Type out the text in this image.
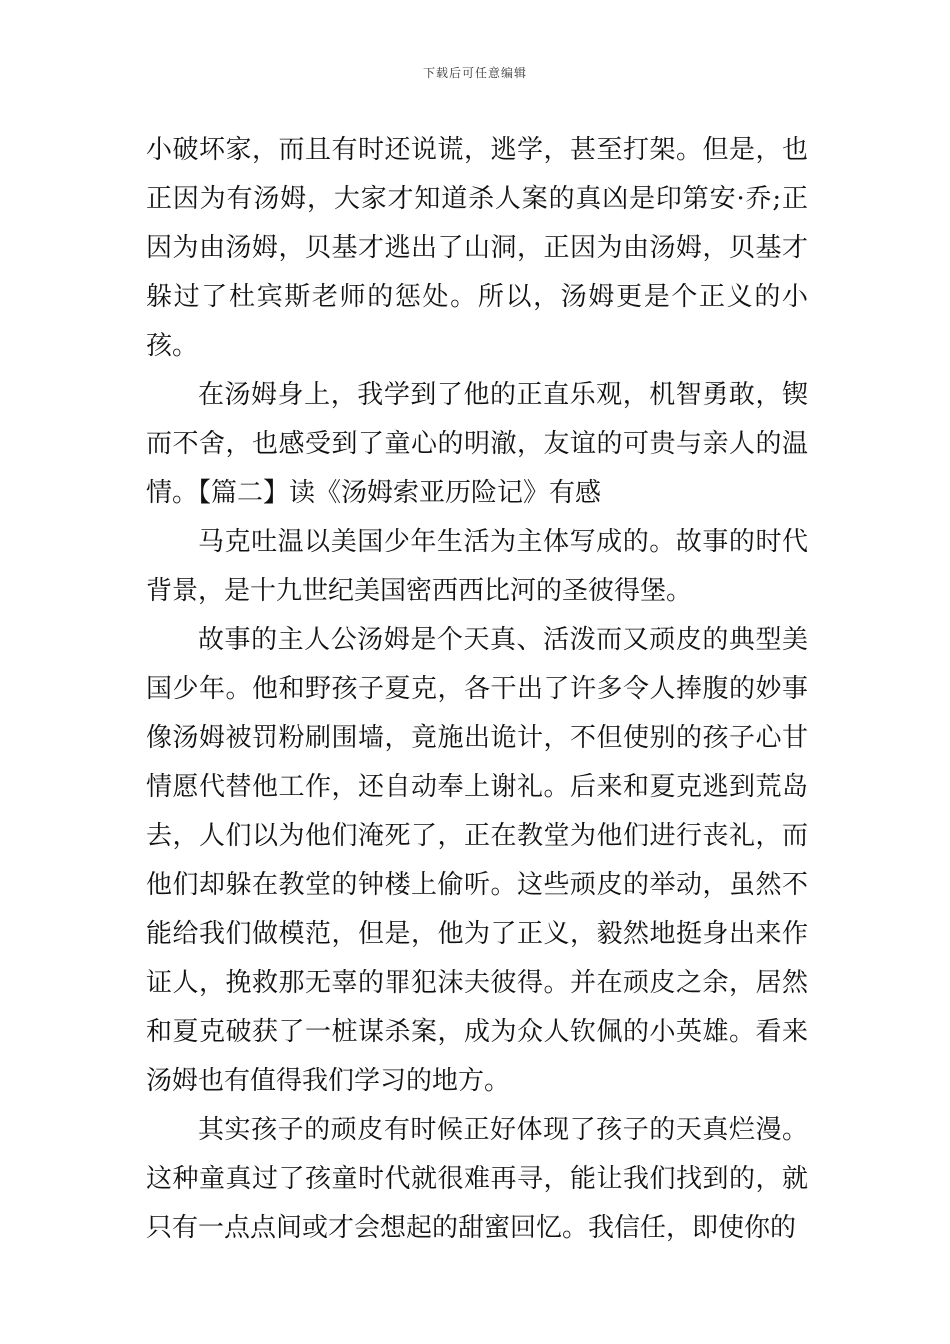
下载后可任意编辑

小破坏家，而且有时还说谎，逃学，甚至打架。但是，也正因为有汤姆，大家才知道杀人案的真凶是印第安·乔;正因为由汤姆，贝基才逃出了山洞，正因为由汤姆，贝基才躲过了杜宾斯老师的惩处。所以，汤姆更是个正义的小孩。

在汤姆身上，我学到了他的正直乐观，机智勇敢，锲而不舍，也感受到了童心的明澈，友谊的可贵与亲人的温情。【篇二】读《汤姆索亚历险记》有感

马克吐温以美国少年生活为主体写成的。故事的时代背景，是十九世纪美国密西西比河的圣彼得堡。

故事的主人公汤姆是个天真、活泼而又顽皮的典型美国少年。他和野孩子夏克，各干出了许多令人捧腹的妙事像汤姆被罚粉刷围墙，竟施出诡计，不但使别的孩子心甘情愿代替他工作，还自动奉上谢礼。后来和夏克逃到荒岛去，人们以为他们淹死了，正在教堂为他们进行丧礼，而他们却躲在教堂的钟楼上偷听。这些顽皮的举动，虽然不能给我们做模范，但是，他为了正义，毅然地挺身出来作证人，挽救那无辜的罪犯沫夫彼得。并在顽皮之余，居然和夏克破获了一桩谋杀案，成为众人钦佩的小英雄。看来汤姆也有值得我们学习的地方。

其实孩子的顽皮有时候正好体现了孩子的天真烂漫。这种童真过了孩童时代就很难再寻，能让我们找到的，就只有一点点间或才会想起的甜蜜回忆。我信任，即使你的
